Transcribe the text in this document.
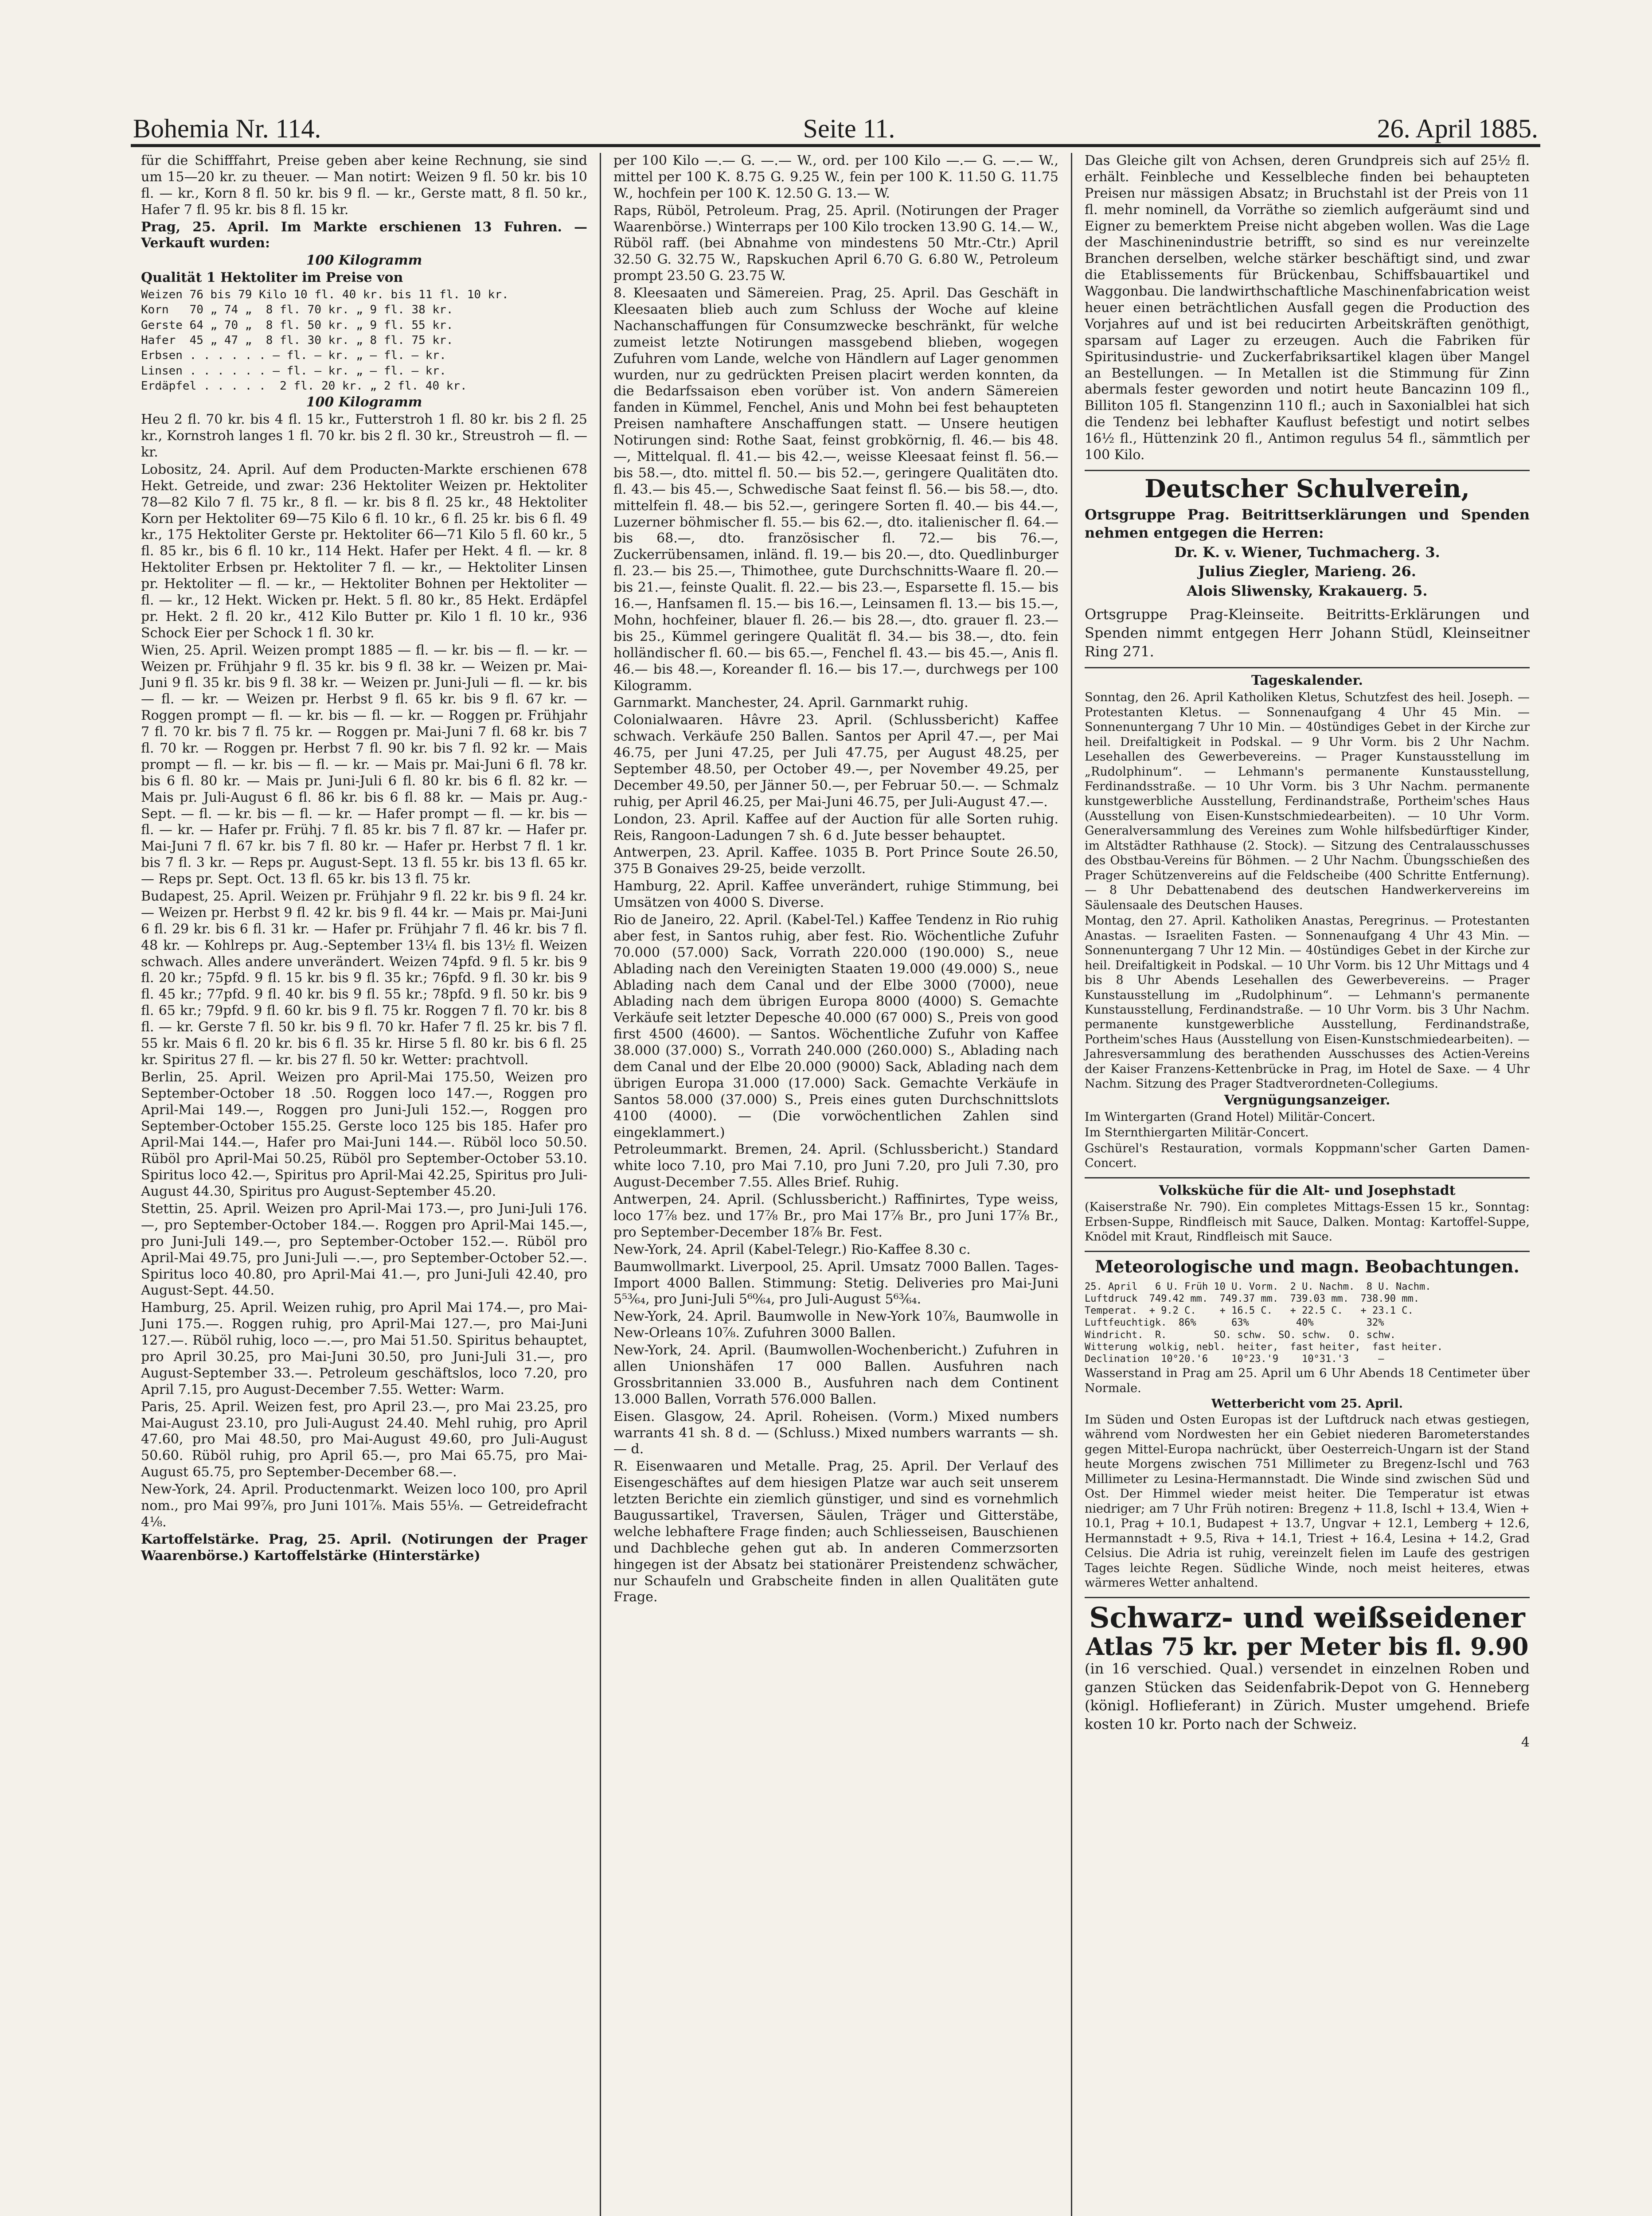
Bohemia Nr. 114.	Seite 11.	26. April 1885.

für die Schifffahrt, Preise geben aber keine Rechnung, sie sind um 15—20 kr. zu theuer. — Man notirt: Weizen 9 fl. 50 kr. bis 10 fl. — kr., Korn 8 fl. 50 kr. bis 9 fl. — kr., Gerste matt, 8 fl. 50 kr., Hafer 7 fl. 95 kr. bis 8 fl. 15 kr.

Prag, 25. April. Im Markte erschienen 13 Fuhren. — Verkauft wurden:

100 Kilogramm

Qualität 1 Hektoliter im Preise von

Weizen 76 bis 79 Kilo 10 fl. 40 kr. bis 11 fl. 10 kr.
Korn   70 „ 74 „  8 fl. 70 kr. „ 9 fl. 38 kr.
Gerste 64 „ 70 „  8 fl. 50 kr. „ 9 fl. 55 kr.
Hafer  45 „ 47 „  8 fl. 30 kr. „ 8 fl. 75 kr.
Erbsen . . . . . . — fl. — kr. „ — fl. — kr.
Linsen . . . . . . — fl. — kr. „ — fl. — kr.
Erdäpfel . . . . .  2 fl. 20 kr. „ 2 fl. 40 kr.

100 Kilogramm

Heu 2 fl. 70 kr. bis 4 fl. 15 kr., Futterstroh 1 fl. 80 kr. bis 2 fl. 25 kr., Kornstroh langes 1 fl. 70 kr. bis 2 fl. 30 kr., Streustroh — fl. — kr.

Lobositz, 24. April. Auf dem Producten-Markte erschienen 678 Hekt. Getreide, und zwar: 236 Hektoliter Weizen pr. Hektoliter 78—82 Kilo 7 fl. 75 kr., 8 fl. — kr. bis 8 fl. 25 kr., 48 Hektoliter Korn per Hektoliter 69—75 Kilo 6 fl. 10 kr., 6 fl. 25 kr. bis 6 fl. 49 kr., 175 Hektoliter Gerste pr. Hektoliter 66—71 Kilo 5 fl. 60 kr., 5 fl. 85 kr., bis 6 fl. 10 kr., 114 Hekt. Hafer per Hekt. 4 fl. — kr. 8 Hektoliter Erbsen pr. Hektoliter 7 fl. — kr., — Hektoliter Linsen pr. Hektoliter — fl. — kr., — Hektoliter Bohnen per Hektoliter — fl. — kr., 12 Hekt. Wicken pr. Hekt. 5 fl. 80 kr., 85 Hekt. Erdäpfel pr. Hekt. 2 fl. 20 kr., 412 Kilo Butter pr. Kilo 1 fl. 10 kr., 936 Schock Eier per Schock 1 fl. 30 kr.

Wien, 25. April. Weizen prompt 1885 — fl. — kr. bis — fl. — kr. — Weizen pr. Frühjahr 9 fl. 35 kr. bis 9 fl. 38 kr. — Weizen pr. Mai-Juni 9 fl. 35 kr. bis 9 fl. 38 kr. — Weizen pr. Juni-Juli — fl. — kr. bis — fl. — kr. — Weizen pr. Herbst 9 fl. 65 kr. bis 9 fl. 67 kr. — Roggen prompt — fl. — kr. bis — fl. — kr. — Roggen pr. Frühjahr 7 fl. 70 kr. bis 7 fl. 75 kr. — Roggen pr. Mai-Juni 7 fl. 68 kr. bis 7 fl. 70 kr. — Roggen pr. Herbst 7 fl. 90 kr. bis 7 fl. 92 kr. — Mais prompt — fl. — kr. bis — fl. — kr. — Mais pr. Mai-Juni 6 fl. 78 kr. bis 6 fl. 80 kr. — Mais pr. Juni-Juli 6 fl. 80 kr. bis 6 fl. 82 kr. — Mais pr. Juli-August 6 fl. 86 kr. bis 6 fl. 88 kr. — Mais pr. Aug.-Sept. — fl. — kr. bis — fl. — kr. — Hafer prompt — fl. — kr. bis — fl. — kr. — Hafer pr. Frühj. 7 fl. 85 kr. bis 7 fl. 87 kr. — Hafer pr. Mai-Juni 7 fl. 67 kr. bis 7 fl. 80 kr. — Hafer pr. Herbst 7 fl. 1 kr. bis 7 fl. 3 kr. — Reps pr. August-Sept. 13 fl. 55 kr. bis 13 fl. 65 kr. — Reps pr. Sept. Oct. 13 fl. 65 kr. bis 13 fl. 75 kr.

Budapest, 25. April. Weizen pr. Frühjahr 9 fl. 22 kr. bis 9 fl. 24 kr. — Weizen pr. Herbst 9 fl. 42 kr. bis 9 fl. 44 kr. — Mais pr. Mai-Juni 6 fl. 29 kr. bis 6 fl. 31 kr. — Hafer pr. Frühjahr 7 fl. 46 kr. bis 7 fl. 48 kr. — Kohlreps pr. Aug.-September 13¼ fl. bis 13½ fl. Weizen schwach. Alles andere unverändert. Weizen 74pfd. 9 fl. 5 kr. bis 9 fl. 20 kr.; 75pfd. 9 fl. 15 kr. bis 9 fl. 35 kr.; 76pfd. 9 fl. 30 kr. bis 9 fl. 45 kr.; 77pfd. 9 fl. 40 kr. bis 9 fl. 55 kr.; 78pfd. 9 fl. 50 kr. bis 9 fl. 65 kr.; 79pfd. 9 fl. 60 kr. bis 9 fl. 75 kr. Roggen 7 fl. 70 kr. bis 8 fl. — kr. Gerste 7 fl. 50 kr. bis 9 fl. 70 kr. Hafer 7 fl. 25 kr. bis 7 fl. 55 kr. Mais 6 fl. 20 kr. bis 6 fl. 35 kr. Hirse 5 fl. 80 kr. bis 6 fl. 25 kr. Spiritus 27 fl. — kr. bis 27 fl. 50 kr. Wetter: prachtvoll.

Berlin, 25. April. Weizen pro April-Mai 175.50, Weizen pro September-October 18 .50. Roggen loco 147.—, Roggen pro April-Mai 149.—, Roggen pro Juni-Juli 152.—, Roggen pro September-October 155.25. Gerste loco 125 bis 185. Hafer pro April-Mai 144.—, Hafer pro Mai-Juni 144.—. Rüböl loco 50.50. Rüböl pro April-Mai 50.25, Rüböl pro September-October 53.10. Spiritus loco 42.—, Spiritus pro April-Mai 42.25, Spiritus pro Juli-August 44.30, Spiritus pro August-September 45.20.

Stettin, 25. April. Weizen pro April-Mai 173.—, pro Juni-Juli 176.—, pro September-October 184.—. Roggen pro April-Mai 145.—, pro Juni-Juli 149.—, pro September-October 152.—. Rüböl pro April-Mai 49.75, pro Juni-Juli —.—, pro September-October 52.—. Spiritus loco 40.80, pro April-Mai 41.—, pro Juni-Juli 42.40, pro August-Sept. 44.50.

Hamburg, 25. April. Weizen ruhig, pro April Mai 174.—, pro Mai-Juni 175.—. Roggen ruhig, pro April-Mai 127.—, pro Mai-Juni 127.—. Rüböl ruhig, loco —.—, pro Mai 51.50. Spiritus behauptet, pro April 30.25, pro Mai-Juni 30.50, pro Juni-Juli 31.—, pro August-September 33.—. Petroleum geschäftslos, loco 7.20, pro April 7.15, pro August-December 7.55. Wetter: Warm.

Paris, 25. April. Weizen fest, pro April 23.—, pro Mai 23.25, pro Mai-August 23.10, pro Juli-August 24.40. Mehl ruhig, pro April 47.60, pro Mai 48.50, pro Mai-August 49.60, pro Juli-August 50.60. Rüböl ruhig, pro April 65.—, pro Mai 65.75, pro Mai-August 65.75, pro September-December 68.—.

New-York, 24. April. Productenmarkt. Weizen loco 100, pro April nom., pro Mai 99⅞, pro Juni 101⅞. Mais 55⅛. — Getreidefracht 4⅛.

Kartoffelstärke. Prag, 25. April. (Notirungen der Prager Waarenbörse.) Kartoffelstärke (Hinterstärke)

per 100 Kilo —.— G. —.— W., ord. per 100 Kilo —.— G. —.— W., mittel per 100 K. 8.75 G. 9.25 W., fein per 100 K. 11.50 G. 11.75 W., hochfein per 100 K. 12.50 G. 13.— W.

Raps, Rüböl, Petroleum. Prag, 25. April. (Notirungen der Prager Waarenbörse.) Winterraps per 100 Kilo trocken 13.90 G. 14.— W., Rüböl raff. (bei Abnahme von mindestens 50 Mtr.-Ctr.) April 32.50 G. 32.75 W., Rapskuchen April 6.70 G. 6.80 W., Petroleum prompt 23.50 G. 23.75 W.

8. Kleesaaten und Sämereien. Prag, 25. April. Das Geschäft in Kleesaaten blieb auch zum Schluss der Woche auf kleine Nachanschaffungen für Consumzwecke beschränkt, für welche zumeist letzte Notirungen massgebend blieben, wogegen Zufuhren vom Lande, welche von Händlern auf Lager genommen wurden, nur zu gedrückten Preisen placirt werden konnten, da die Bedarfssaison eben vorüber ist. Von andern Sämereien fanden in Kümmel, Fenchel, Anis und Mohn bei fest behaupteten Preisen namhaftere Anschaffungen statt. — Unsere heutigen Notirungen sind: Rothe Saat, feinst grobkörnig, fl. 46.— bis 48.—, Mittelqual. fl. 41.— bis 42.—, weisse Kleesaat feinst fl. 56.— bis 58.—, dto. mittel fl. 50.— bis 52.—, geringere Qualitäten dto. fl. 43.— bis 45.—, Schwedische Saat feinst fl. 56.— bis 58.—, dto. mittelfein fl. 48.— bis 52.—, geringere Sorten fl. 40.— bis 44.—, Luzerner böhmischer fl. 55.— bis 62.—, dto. italienischer fl. 64.— bis 68.—, dto. französischer fl. 72.— bis 76.—, Zuckerrübensamen, inländ. fl. 19.— bis 20.—, dto. Quedlinburger fl. 23.— bis 25.—, Thimothee, gute Durchschnitts-Waare fl. 20.— bis 21.—, feinste Qualit. fl. 22.— bis 23.—, Esparsette fl. 15.— bis 16.—, Hanfsamen fl. 15.— bis 16.—, Leinsamen fl. 13.— bis 15.—, Mohn, hochfeiner, blauer fl. 26.— bis 28.—, dto. grauer fl. 23.— bis 25., Kümmel geringere Qualität fl. 34.— bis 38.—, dto. fein holländischer fl. 60.— bis 65.—, Fenchel fl. 43.— bis 45.—, Anis fl. 46.— bis 48.—, Koreander fl. 16.— bis 17.—, durchwegs per 100 Kilogramm.

Garnmarkt. Manchester, 24. April. Garnmarkt ruhig.

Colonialwaaren. Hâvre 23. April. (Schlussbericht) Kaffee schwach. Verkäufe 250 Ballen. Santos per April 47.—, per Mai 46.75, per Juni 47.25, per Juli 47.75, per August 48.25, per September 48.50, per October 49.—, per November 49.25, per December 49.50, per Jänner 50.—, per Februar 50.—. — Schmalz ruhig, per April 46.25, per Mai-Juni 46.75, per Juli-August 47.—.

London, 23. April. Kaffee auf der Auction für alle Sorten ruhig. Reis, Rangoon-Ladungen 7 sh. 6 d. Jute besser behauptet.

Antwerpen, 23. April. Kaffee. 1035 B. Port Prince Soute 26.50, 375 B Gonaives 29-25, beide verzollt.

Hamburg, 22. April. Kaffee unverändert, ruhige Stimmung, bei Umsätzen von 4000 S. Diverse.

Rio de Janeiro, 22. April. (Kabel-Tel.) Kaffee Tendenz in Rio ruhig aber fest, in Santos ruhig, aber fest. Rio. Wöchentliche Zufuhr 70.000 (57.000) Sack, Vorrath 220.000 (190.000) S., neue Ablading nach den Vereinigten Staaten 19.000 (49.000) S., neue Ablading nach dem Canal und der Elbe 3000 (7000), neue Ablading nach dem übrigen Europa 8000 (4000) S. Gemachte Verkäufe seit letzter Depesche 40.000 (67 000) S., Preis von good first 4500 (4600). — Santos. Wöchentliche Zufuhr von Kaffee 38.000 (37.000) S., Vorrath 240.000 (260.000) S., Ablading nach dem Canal und der Elbe 20.000 (9000) Sack, Ablading nach dem übrigen Europa 31.000 (17.000) Sack. Gemachte Verkäufe in Santos 58.000 (37.000) S., Preis eines guten Durchschnittslots 4100 (4000). — (Die vorwöchentlichen Zahlen sind eingeklammert.)

Petroleummarkt. Bremen, 24. April. (Schlussbericht.) Standard white loco 7.10, pro Mai 7.10, pro Juni 7.20, pro Juli 7.30, pro August-December 7.55. Alles Brief. Ruhig.

Antwerpen, 24. April. (Schlussbericht.) Raffinirtes, Type weiss, loco 17⅞ bez. und 17⅞ Br., pro Mai 17⅞ Br., pro Juni 17⅞ Br., pro September-December 18⅞ Br. Fest.

New-York, 24. April (Kabel-Telegr.) Rio-Kaffee 8.30 c.

Baumwollmarkt. Liverpool, 25. April. Umsatz 7000 Ballen. Tages-Import 4000 Ballen. Stimmung: Stetig. Deliveries pro Mai-Juni 5⁵³⁄₆₄, pro Juni-Juli 5⁶⁰⁄₆₄, pro Juli-August 5⁶³⁄₆₄.

New-York, 24. April. Baumwolle in New-York 10⅞, Baumwolle in New-Orleans 10⅞. Zufuhren 3000 Ballen.

New-York, 24. April. (Baumwollen-Wochenbericht.) Zufuhren in allen Unionshäfen 17 000 Ballen. Ausfuhren nach Grossbritannien 33.000 B., Ausfuhren nach dem Continent 13.000 Ballen, Vorrath 576.000 Ballen.

Eisen. Glasgow, 24. April. Roheisen. (Vorm.) Mixed numbers warrants 41 sh. 8 d. — (Schluss.) Mixed numbers warrants — sh. — d.

R. Eisenwaaren und Metalle. Prag, 25. April. Der Verlauf des Eisengeschäftes auf dem hiesigen Platze war auch seit unserem letzten Berichte ein ziemlich günstiger, und sind es vornehmlich Baugussartikel, Traversen, Säulen, Träger und Gitterstäbe, welche lebhaftere Frage finden; auch Schliesseisen, Bauschienen und Dachbleche gehen gut ab. In anderen Commerzsorten hingegen ist der Absatz bei stationärer Preistendenz schwächer, nur Schaufeln und Grabscheite finden in allen Qualitäten gute Frage.

Das Gleiche gilt von Achsen, deren Grundpreis sich auf 25½ fl. erhält. Feinbleche und Kesselbleche finden bei behaupteten Preisen nur mässigen Absatz; in Bruchstahl ist der Preis von 11 fl. mehr nominell, da Vorräthe so ziemlich aufgeräumt sind und Eigner zu bemerktem Preise nicht abgeben wollen. Was die Lage der Maschinenindustrie betrifft, so sind es nur vereinzelte Branchen derselben, welche stärker beschäftigt sind, und zwar die Etablissements für Brückenbau, Schiffsbauartikel und Waggonbau. Die landwirthschaftliche Maschinenfabrication weist heuer einen beträchtlichen Ausfall gegen die Production des Vorjahres auf und ist bei reducirten Arbeitskräften genöthigt, sparsam auf Lager zu erzeugen. Auch die Fabriken für Spiritusindustrie- und Zuckerfabriksartikel klagen über Mangel an Bestellungen. — In Metallen ist die Stimmung für Zinn abermals fester geworden und notirt heute Bancazinn 109 fl., Billiton 105 fl. Stangenzinn 110 fl.; auch in Saxonialblei hat sich die Tendenz bei lebhafter Kauflust befestigt und notirt selbes 16½ fl., Hüttenzink 20 fl., Antimon regulus 54 fl., sämmtlich per 100 Kilo.

Deutscher Schulverein,

Ortsgruppe Prag. Beitrittserklärungen und Spenden nehmen entgegen die Herren:

Dr. K. v. Wiener, Tuchmacherg. 3.

Julius Ziegler, Marieng. 26.

Alois Sliwensky, Krakauerg. 5.

Ortsgruppe Prag-Kleinseite. Beitritts-Erklärungen und Spenden nimmt entgegen Herr Johann Stüdl, Kleinseitner Ring 271.

Tageskalender.

Sonntag, den 26. April Katholiken Kletus, Schutzfest des heil. Joseph. — Protestanten Kletus. — Sonnenaufgang 4 Uhr 45 Min. — Sonnenuntergang 7 Uhr 10 Min. — 40stündiges Gebet in der Kirche zur heil. Dreifaltigkeit in Podskal. — 9 Uhr Vorm. bis 2 Uhr Nachm. Lesehallen des Gewerbevereins. — Prager Kunstausstellung im „Rudolphinum“. — Lehmann's permanente Kunstausstellung, Ferdinandsstraße. — 10 Uhr Vorm. bis 3 Uhr Nachm. permanente kunstgewerbliche Ausstellung, Ferdinandstraße, Portheim'sches Haus (Ausstellung von Eisen-Kunstschmiedearbeiten). — 10 Uhr Vorm. Generalversammlung des Vereines zum Wohle hilfsbedürftiger Kinder, im Altstädter Rathhause (2. Stock). — Sitzung des Centralausschusses des Obstbau-Vereins für Böhmen. — 2 Uhr Nachm. Übungsschießen des Prager Schützenvereins auf die Feldscheibe (400 Schritte Entfernung). — 8 Uhr Debattenabend des deutschen Handwerkervereins im Säulensaale des Deutschen Hauses.

Montag, den 27. April. Katholiken Anastas, Peregrinus. — Protestanten Anastas. — Israeliten Fasten. — Sonnenaufgang 4 Uhr 43 Min. — Sonnenuntergang 7 Uhr 12 Min. — 40stündiges Gebet in der Kirche zur heil. Dreifaltigkeit in Podskal. — 10 Uhr Vorm. bis 12 Uhr Mittags und 4 bis 8 Uhr Abends Lesehallen des Gewerbevereins. — Prager Kunstausstellung im „Rudolphinum“. — Lehmann's permanente Kunstausstellung, Ferdinandstraße. — 10 Uhr Vorm. bis 3 Uhr Nachm. permanente kunstgewerbliche Ausstellung, Ferdinandstraße, Portheim'sches Haus (Ausstellung von Eisen-Kunstschmiedearbeiten). — Jahresversammlung des berathenden Ausschusses des Actien-Vereins der Kaiser Franzens-Kettenbrücke in Prag, im Hotel de Saxe. — 4 Uhr Nachm. Sitzung des Prager Stadtverordneten-Collegiums.

Vergnügungsanzeiger.

Im Wintergarten (Grand Hotel) Militär-Concert.

Im Sternthiergarten Militär-Concert.

Gschürel's Restauration, vormals Koppmann'scher Garten Damen-Concert.

Volksküche für die Alt- und Josephstadt

(Kaiserstraße Nr. 790). Ein completes Mittags-Essen 15 kr., Sonntag: Erbsen-Suppe, Rindfleisch mit Sauce, Dalken. Montag: Kartoffel-Suppe, Knödel mit Kraut, Rindfleisch mit Sauce.

Meteorologische und magn. Beobachtungen.

25. April   6 U. Früh 10 U. Vorm.  2 U. Nachm.  8 U. Nachm.
Luftdruck  749.42 mm.  749.37 mm.  739.03 mm.  738.90 mm.
Temperat.  + 9.2 C.    + 16.5 C.   + 22.5 C.   + 23.1 C.
Luftfeuchtigk.  86%      63%        40%         32%
Windricht.  R.        SO. schw.  SO. schw.   O. schw.
Witterung  wolkig, nebl.  heiter,  fast heiter,  fast heiter.
Declination  10°20.'6    10°23.'9    10°31.'3     —

Wasserstand in Prag am 25. April um 6 Uhr Abends 18 Centimeter über Normale.

Wetterbericht vom 25. April.

Im Süden und Osten Europas ist der Luftdruck nach etwas gestiegen, während vom Nordwesten her ein Gebiet niederen Barometerstandes gegen Mittel-Europa nachrückt, über Oesterreich-Ungarn ist der Stand heute Morgens zwischen 751 Millimeter zu Bregenz-Ischl und 763 Millimeter zu Lesina-Hermannstadt. Die Winde sind zwischen Süd und Ost. Der Himmel wieder meist heiter. Die Temperatur ist etwas niedriger; am 7 Uhr Früh notiren: Bregenz + 11.8, Ischl + 13.4, Wien + 10.1, Prag + 10.1, Budapest + 13.7, Ungvar + 12.1, Lemberg + 12.6, Hermannstadt + 9.5, Riva + 14.1, Triest + 16.4, Lesina + 14.2, Grad Celsius. Die Adria ist ruhig, vereinzelt fielen im Laufe des gestrigen Tages leichte Regen. Südliche Winde, noch meist heiteres, etwas wärmeres Wetter anhaltend.

Schwarz- und weißseidener
Atlas 75 kr. per Meter bis fl. 9.90

(in 16 verschied. Qual.) versendet in einzelnen Roben und ganzen Stücken das Seidenfabrik-Depot von G. Henneberg (königl. Hoflieferant) in Zürich. Muster umgehend. Briefe kosten 10 kr. Porto nach der Schweiz.

4
